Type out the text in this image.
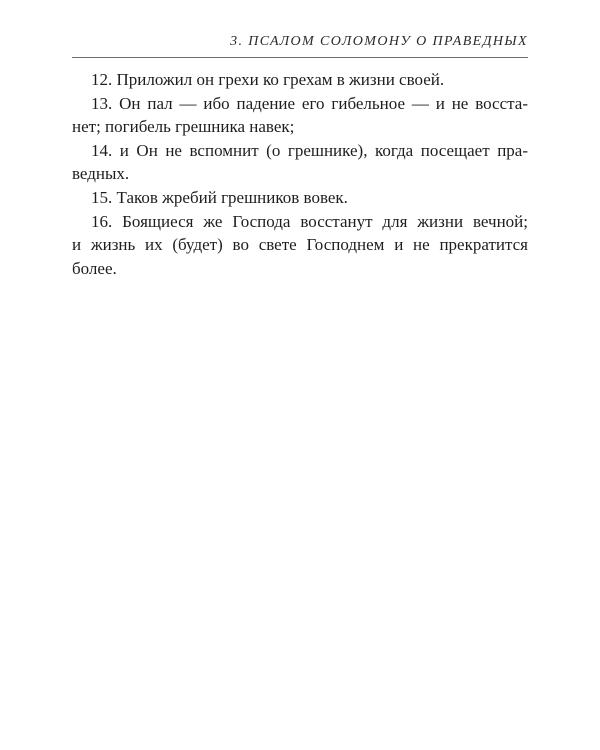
3. ПСАЛОМ СОЛОМОНУ О ПРАВЕДНЫХ
12. Приложил он грехи ко грехам в жизни своей.
13. Он пал — ибо падение его гибельное — и не восста-
нет; погибель грешника навек;
14. и Он не вспомнит (о грешнике), когда посещает пра-
ведных.
15. Таков жребий грешников вовек.
16. Боящиеся же Господа восстанут для жизни вечной;
и жизнь их (будет) во свете Господнем и не прекратится
более.
